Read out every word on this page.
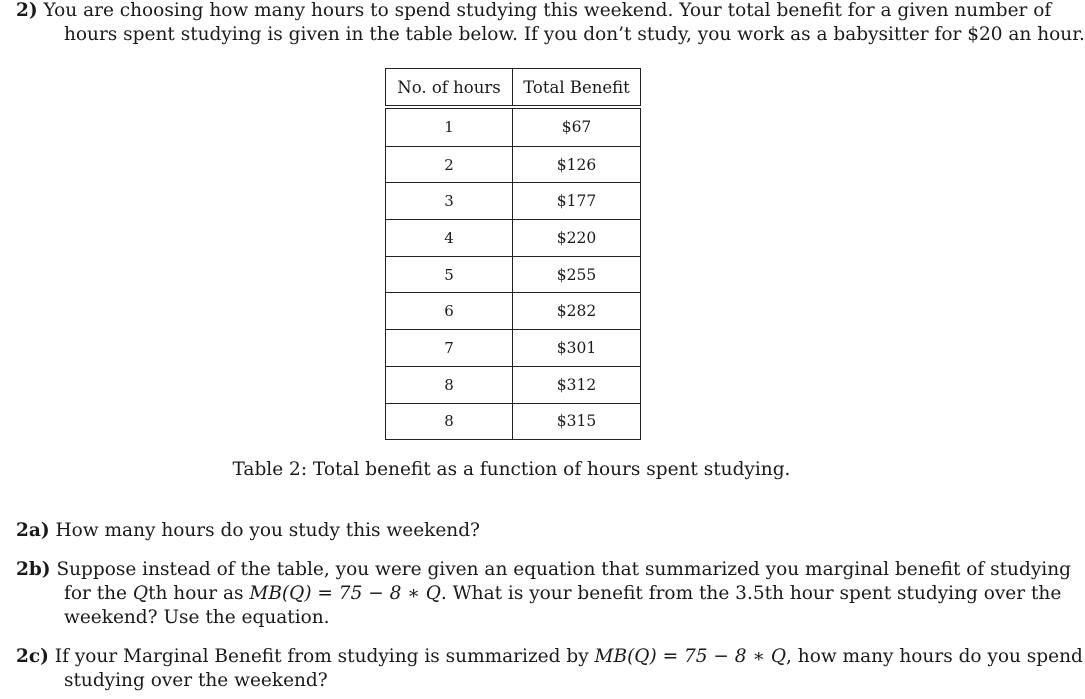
2) You are choosing how many hours to spend studying this weekend. Your total benefit for a given number of
hours spent studying is given in the table below. If you don’t study, you work as a babysitter for $20 an hour.
No. of hours	Total Benefit
1	$67
2	$126
3	$177
4	$220
5	$255
6	$282
7	$301
8	$312
8	$315
Table 2: Total benefit as a function of hours spent studying.
2a) How many hours do you study this weekend?
2b) Suppose instead of the table, you were given an equation that summarized you marginal benefit of studying
for the Qth hour as MB(Q) = 75 − 8 ∗ Q. What is your benefit from the 3.5th hour spent studying over the
weekend? Use the equation.
2c) If your Marginal Benefit from studying is summarized by MB(Q) = 75 − 8 ∗ Q, how many hours do you spend
studying over the weekend?
